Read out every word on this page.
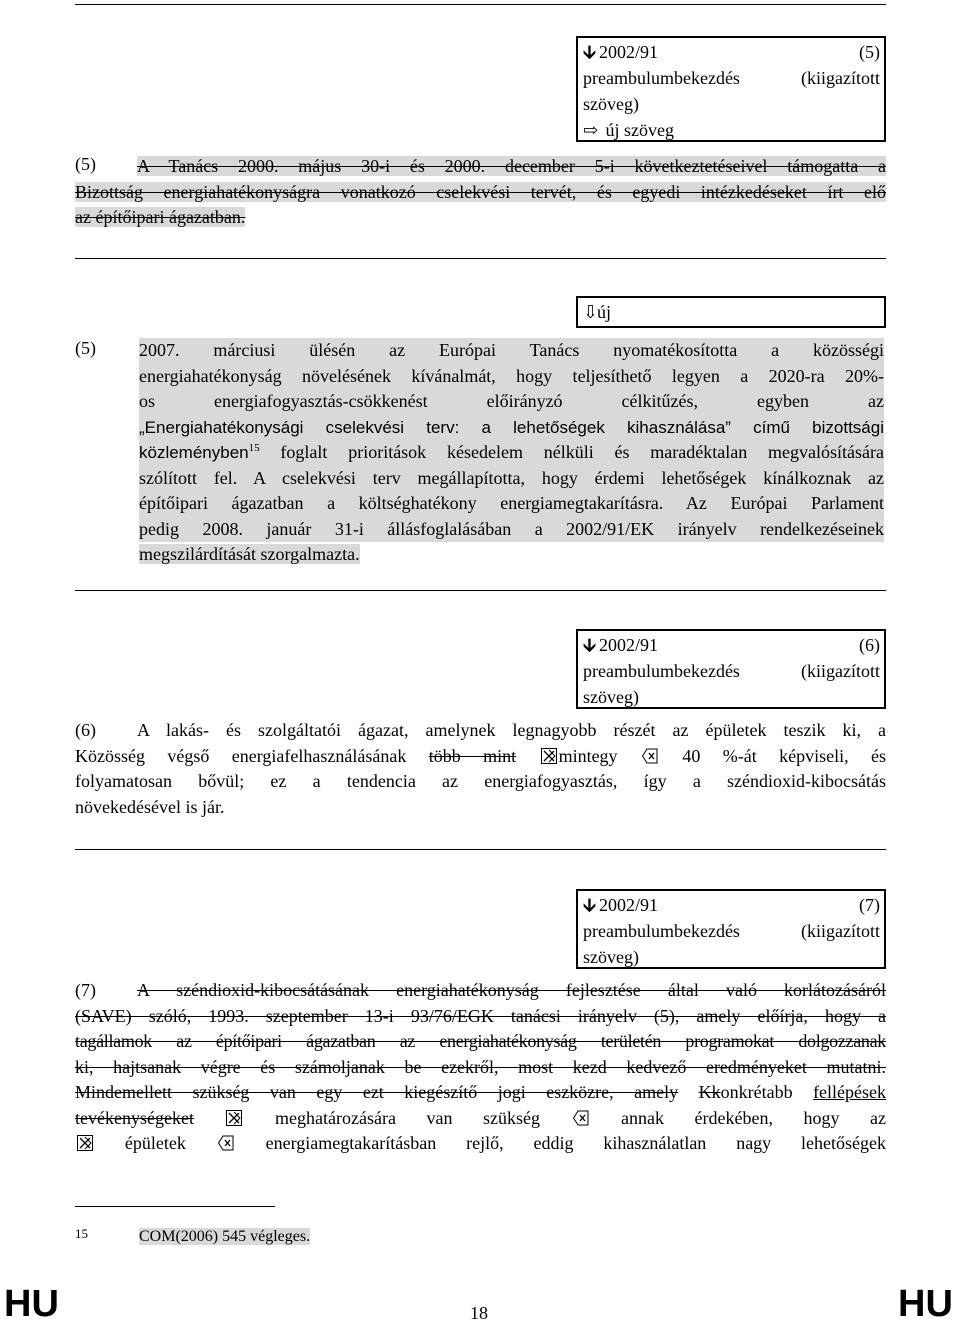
🡫 2002/91	(5)
preambulumbekezdés	(kiigazított
szöveg)
⇨ új szöveg
(5)	A Tanács 2000. május 30-i és 2000. december 5-i következtetéseivel támogatta a
Bizottság energiahatékonyságra vonatkozó cselekvési tervét, és egyedi intézkedéseket írt elő
az építőipari ágazatban.
⇩új
(5) 2007. márciusi ülésén az Európai Tanács nyomatékosította a közösségi
energiahatékonyság növelésének kívánalmát, hogy teljesíthető legyen a 2020-ra 20%-
os energiafogyasztás-csökkenést előirányzó célkitűzés, egyben az
„Energiahatékonysági cselekvési terv: a lehetőségek kihasználása” című bizottsági
közleményben$^{15}$ foglalt prioritások késedelem nélküli és maradéktalan megvalósítására
szólított fel. A cselekvési terv megállapította, hogy érdemi lehetőségek kínálkoznak az
építőipari ágazatban a költséghatékony energiamegtakarításra. Az Európai Parlament
pedig 2008. január 31-i állásfoglalásában a 2002/91/EK irányelv rendelkezéseinek
megszilárdítását szorgalmazta.
🡫 2002/91	(6)
preambulumbekezdés	(kiigazított
szöveg)
(6) A lakás- és szolgáltatói ágazat, amelynek legnagyobb részét az épületek teszik ki, a
Közösség végső energiafelhasználásának több mint mintegy	40 %-át képviseli, és
folyamatosan bővül; ez a tendencia az energiafogyasztás, így a széndioxid-kibocsátás
növekedésével is jár.
🡫 2002/91	(7)
preambulumbekezdés	(kiigazított
szöveg)
(7) A széndioxid-kibocsátásának energiahatékonyság fejlesztése által való korlátozásáról
(SAVE) szóló, 1993. szeptember 13-i 93/76/EGK tanácsi irányelv (5), amely előírja, hogy a
tagállamok az építőipari ágazatban az energiahatékonyság területén programokat dolgozzanak
ki, hajtsanak végre és számoljanak be ezekről, most kezd kedvező eredményeket mutatni.
Mindemellett szükség van egy ezt kiegészítő jogi eszközre, amely Kkonkrétabb fellépések
tevékenységeket	meghatározására van szükség	annak érdekében, hogy az
épületek	energiamegtakarításban rejlő, eddig kihasználatlan nagy lehetőségek
15	COM(2006) 545 végleges.
HU	18	HU
